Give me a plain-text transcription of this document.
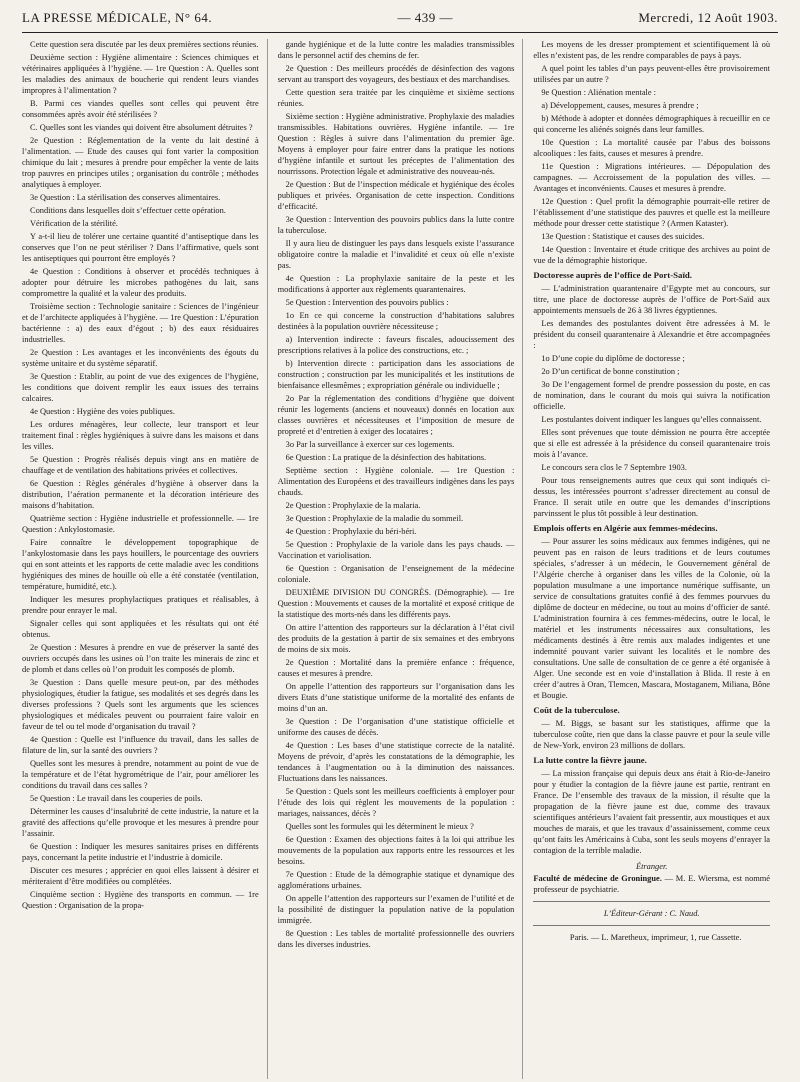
LA PRESSE MÉDICALE, N° 64.	— 439 —	Mercredi, 12 Août 1903.

Cette question sera discutée par les deux premières sections réunies.

Deuxième section : Hygiène alimentaire : Sciences chimiques et vétérinaires appliquées à l’hygiène. — 1re Question : A. Quelles sont les maladies des animaux de boucherie qui rendent leurs viandes impropres à l’alimentation ?

B. Parmi ces viandes quelles sont celles qui peuvent être consommées après avoir été stérilisées ?

C. Quelles sont les viandes qui doivent être absolument détruites ?

2e Question : Réglementation de la vente du lait destiné à l’alimentation. — Etude des causes qui font varier la composition chimique du lait ; mesures à prendre pour empêcher la vente de laits trop pauvres en principes utiles ; organisation du contrôle ; méthodes analytiques à employer.

3e Question : La stérilisation des conserves alimentaires.

Conditions dans lesquelles doit s’effectuer cette opération.

Vérification de la stérilité.

Y a-t-il lieu de tolérer une certaine quantité d’antiseptique dans les conserves que l’on ne peut stériliser ? Dans l’affirmative, quels sont les antiseptiques qui pourront être employés ?

4e Question : Conditions à observer et procédés techniques à adopter pour détruire les microbes pathogènes du lait, sans compromettre la qualité et la valeur des produits.

Troisième section : Technologie sanitaire : Sciences de l’ingénieur et de l’architecte appliquées à l’hygiène. — 1re Question : L’épuration bactérienne : a) des eaux d’égout ; b) des eaux résiduaires industrielles.

2e Question : Les avantages et les inconvénients des égouts du système unitaire et du système séparatif.

3e Question : Etablir, au point de vue des exigences de l’hygiène, les conditions que doivent remplir les eaux issues des terrains calcaires.

4e Question : Hygiène des voies publiques.

Les ordures ménagères, leur collecte, leur transport et leur traitement final : règles hygiéniques à suivre dans les maisons et dans les villes.

5e Question : Progrès réalisés depuis vingt ans en matière de chauffage et de ventilation des habitations privées et collectives.

6e Question : Règles générales d’hygiène à observer dans la distribution, l’aération permanente et la décoration intérieure des maisons d’habitation.

Quatrième section : Hygiène industrielle et professionnelle. — 1re Question : Ankylostomasie.

Faire connaître le développement topographique de l’ankylostomasie dans les pays houillers, le pourcentage des ouvriers qui en sont atteints et les rapports de cette maladie avec les conditions hygiéniques des mines de houille où elle a été constatée (ventilation, température, humidité, etc.).

Indiquer les mesures prophylactiques pratiques et réalisables, à prendre pour enrayer le mal.

Signaler celles qui sont appliquées et les résultats qui ont été obtenus.

2e Question : Mesures à prendre en vue de préserver la santé des ouvriers occupés dans les usines où l’on traite les minerais de zinc et de plomb et dans celles où l’on produit les composés de plomb.

3e Question : Dans quelle mesure peut-on, par des méthodes physiologiques, étudier la fatigue, ses modalités et ses degrés dans les diverses professions ? Quels sont les arguments que les sciences physiologiques et médicales peuvent ou pourraient faire valoir en faveur de tel ou tel mode d’organisation du travail ?

4e Question : Quelle est l’influence du travail, dans les salles de filature de lin, sur la santé des ouvriers ?

Quelles sont les mesures à prendre, notamment au point de vue de la température et de l’état hygrométrique de l’air, pour améliorer les conditions du travail dans ces salles ?

5e Question : Le travail dans les couperies de poils.

Déterminer les causes d’insalubrité de cette industrie, la nature et la gravité des affections qu’elle provoque et les mesures à prendre pour l’assainir.

6e Question : Indiquer les mesures sanitaires prises en différents pays, concernant la petite industrie et l’industrie à domicile.

Discuter ces mesures ; apprécier en quoi elles laissent à désirer et mériteraient d’être modifiées ou complétées.

Cinquième section : Hygiène des transports en commun. — 1re Question : Organisation de la propa-

gande hygiénique et de la lutte contre les maladies transmissibles dans le personnel actif des chemins de fer.

2e Question : Des meilleurs procédés de désinfection des vagons servant au transport des voyageurs, des bestiaux et des marchandises.

Cette question sera traitée par les cinquième et sixième sections réunies.

Sixième section : Hygiène administrative. Prophylaxie des maladies transmissibles. Habitations ouvrières. Hygiène infantile. — 1re Question : Règles à suivre dans l’alimentation du premier âge. Moyens à employer pour faire entrer dans la pratique les notions d’hygiène infantile et surtout les préceptes de l’alimentation des nourrissons. Protection légale et administrative des nouveau-nés.

2e Question : But de l’inspection médicale et hygiénique des écoles publiques et privées. Organisation de cette inspection. Conditions d’efficacité.

3e Question : Intervention des pouvoirs publics dans la lutte contre la tuberculose.

Il y aura lieu de distinguer les pays dans lesquels existe l’assurance obligatoire contre la maladie et l’invalidité et ceux où elle n’existe pas.

4e Question : La prophylaxie sanitaire de la peste et les modifications à apporter aux règlements quarantenaires.

5e Question : Intervention des pouvoirs publics :

1o En ce qui concerne la construction d’habitations salubres destinées à la population ouvrière nécessiteuse ;

a) Intervention indirecte : faveurs fiscales, adoucissement des prescriptions relatives à la police des constructions, etc. ;

b) Intervention directe : participation dans les associations de construction ; construction par les municipalités et les institutions de bienfaisance ellesmêmes ; expropriation générale ou individuelle ;

2o Par la réglementation des conditions d’hygiène que doivent réunir les logements (anciens et nouveaux) donnés en location aux classes ouvrières et nécessiteuses et l’imposition de mesure de propreté et d’entretien à exiger des locataires ;

3o Par la surveillance à exercer sur ces logements.

6e Question : La pratique de la désinfection des habitations.

Septième section : Hygiène coloniale. — 1re Question : Alimentation des Européens et des travailleurs indigènes dans les pays chauds.

2e Question : Prophylaxie de la malaria.

3e Question : Prophylaxie de la maladie du sommeil.

4e Question : Prophylaxie du béri-béri.

5e Question : Prophylaxie de la variole dans les pays chauds. — Vaccination et variolisation.

6e Question : Organisation de l’enseignement de la médecine coloniale.

DEUXIÈME DIVISION DU CONGRÈS. (Démographie). — 1re Question : Mouvements et causes de la mortalité et exposé critique de la statistique des morts-nés dans les différents pays.

On attire l’attention des rapporteurs sur la déclaration à l’état civil des produits de la gestation à partir de six semaines et des embryons de moins de six mois.

2e Question : Mortalité dans la première enfance : fréquence, causes et mesures à prendre.

On appelle l’attention des rapporteurs sur l’organisation dans les divers Etats d’une statistique uniforme de la mortalité des enfants de moins d’un an.

3e Question : De l’organisation d’une statistique officielle et uniforme des causes de décès.

4e Question : Les bases d’une statistique correcte de la natalité. Moyens de prévoir, d’après les constatations de la démographie, les tendances à l’augmentation ou à la diminution des naissances. Fluctuations dans les naissances.

5e Question : Quels sont les meilleurs coefficients à employer pour l’étude des lois qui règlent les mouvements de la population : mariages, naissances, décès ?

Quelles sont les formules qui les déterminent le mieux ?

6e Question : Examen des objections faites à la loi qui attribue les mouvements de la population aux rapports entre les ressources et les besoins.

7e Question : Etude de la démographie statique et dynamique des agglomérations urbaines.

On appelle l’attention des rapporteurs sur l’examen de l’utilité et de la possibilité de distinguer la population native de la population immigrée.

8e Question : Les tables de mortalité professionnelle des ouvriers dans les diverses industries.

Les moyens de les dresser promptement et scientifiquement là où elles n’existent pas, de les rendre comparables de pays à pays.

A quel point les tables d’un pays peuvent-elles être provisoirement utilisées par un autre ?

9e Question : Aliénation mentale :

a) Développement, causes, mesures à prendre ;

b) Méthode à adopter et données démographiques à recueillir en ce qui concerne les aliénés soignés dans leur familles.

10e Question : La mortalité causée par l’abus des boissons alcooliques : les faits, causes et mesures à prendre.

11e Question : Migrations intérieures. — Dépopulation des campagnes. — Accroissement de la population des villes. — Avantages et inconvénients. Causes et mesures à prendre.

12e Question : Quel profit la démographie pourrait-elle retirer de l’établissement d’une statistique des pauvres et quelle est la meilleure méthode pour dresser cette statistique ? (Armen Kataster).

13e Question : Statistique et causes des suicides.

14e Question : Inventaire et étude critique des archives au point de vue de la démographie historique.

Doctoresse auprès de l’office de Port-Saïd.

— L’administration quarantenaire d’Egypte met au concours, sur titre, une place de doctoresse auprès de l’office de Port-Saïd aux appointements mensuels de 26 à 38 livres égyptiennes.

Les demandes des postulantes doivent être adressées à M. le président du conseil quarantenaire à Alexandrie et être accompagnées :

1o D’une copie du diplôme de doctoresse ;

2o D’un certificat de bonne constitution ;

3o De l’engagement formel de prendre possession du poste, en cas de nomination, dans le courant du mois qui suivra la notification officielle.

Les postulantes doivent indiquer les langues qu’elles connaissent.

Elles sont prévenues que toute démission ne pourra être acceptée que si elle est adressée à la présidence du conseil quarantenaire trois mois à l’avance.

Le concours sera clos le 7 Septembre 1903.

Pour tous renseignements autres que ceux qui sont indiqués ci-dessus, les intéressées pourront s’adresser directement au consul de France. Il serait utile en outre que les demandes d’inscriptions parvinssent le plus tôt possible à leur destination.

Emplois offerts en Algérie aux femmes-médecins.

— Pour assurer les soins médicaux aux femmes indigènes, qui ne peuvent pas en raison de leurs traditions et de leurs coutumes spéciales, s’adresser à un médecin, le Gouvernement général de l’Algérie cherche à organiser dans les villes de la Colonie, où la population musulmane a une importance numérique suffisante, un service de consultations gratuites confié à des femmes pourvues du diplôme de docteur en médecine, ou tout au moins d’officier de santé. L’administration fournira à ces femmes-médecins, outre le local, le matériel et les instruments nécessaires aux consultations, les médicaments destinés à être remis aux malades indigentes et une indemnité pouvant varier suivant les localités et le nombre des consultations. Une salle de consultation de ce genre a été organisée à Alger. Une seconde est en voie d’installation à Blida. Il reste à en créer d’autres à Oran, Tlemcen, Mascara, Mostaganem, Miliana, Bône et Bougie.

Coût de la tuberculose.

— M. Biggs, se basant sur les statistiques, affirme que la tuberculose coûte, rien que dans la classe pauvre et pour la seule ville de New-York, environ 23 millions de dollars.

La lutte contre la fièvre jaune.

— La mission française qui depuis deux ans était à Rio-de-Janeiro pour y étudier la contagion de la fièvre jaune est partie, rentrant en France. De l’ensemble des travaux de la mission, il résulte que la propagation de la fièvre jaune est due, comme des travaux scientifiques antérieurs l’avaient fait pressentir, aux moustiques et aux mouches de marais, et que les travaux d’assainissement, comme ceux qu’ont faits les Américains à Cuba, sont les seuls moyens d’enrayer la contagion de la terrible maladie.

Étranger.

Faculté de médecine de Groningue. — M. E. Wiersma, est nommé professeur de psychiatrie.

L’Éditeur-Gérant : C. Naud.

Paris. — L. Maretheux, imprimeur, 1, rue Cassette.
